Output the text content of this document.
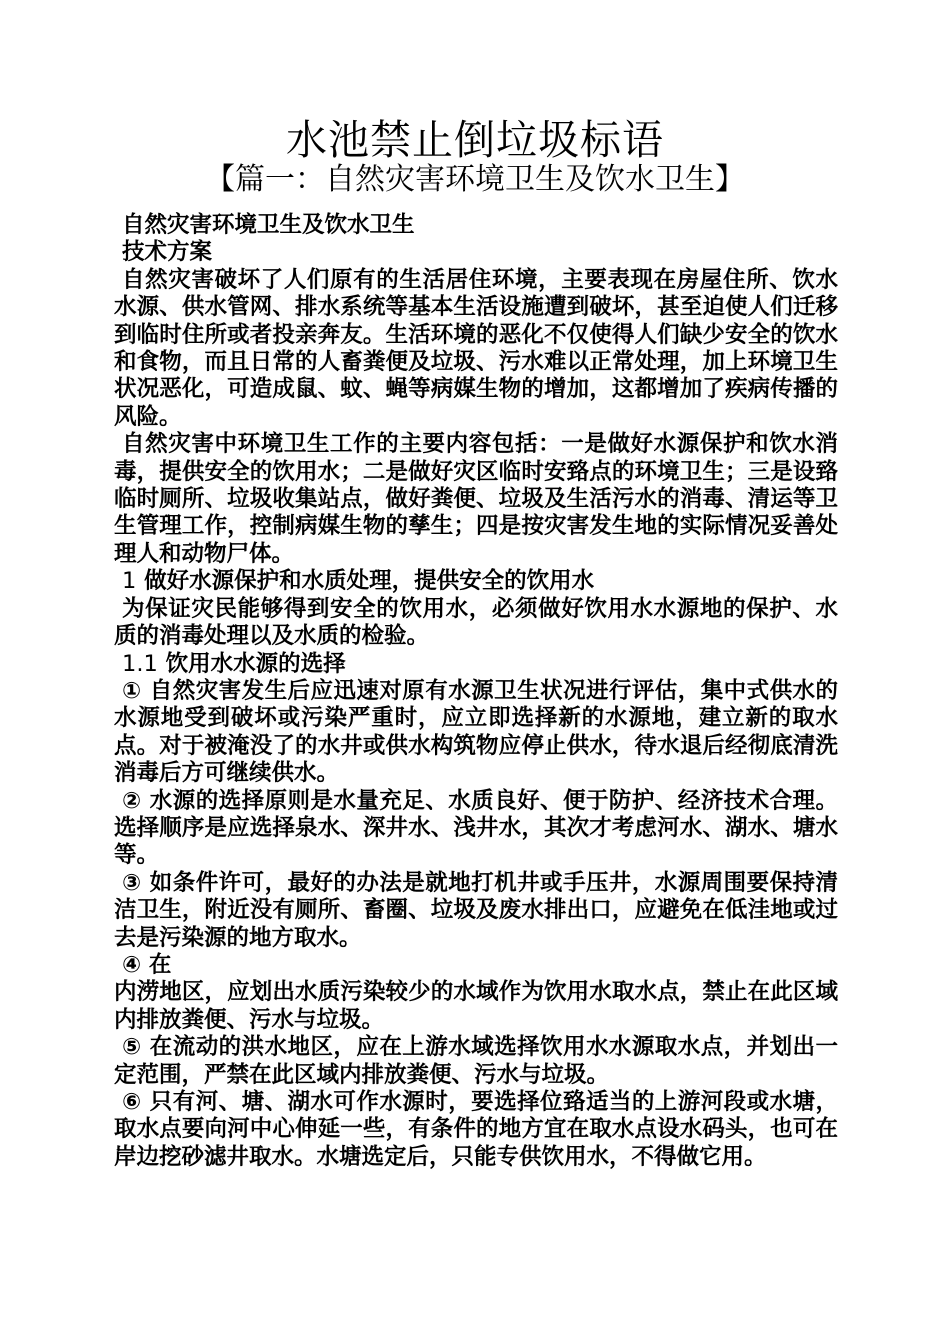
水池禁止倒垃圾标语
【篇一：自然灾害环境卫生及饮水卫生】

自然灾害环境卫生及饮水卫生

技术方案

自然灾害破坏了人们原有的生活居住环境，主要表现在房屋住所、饮水水源、供水管网、排水系统等基本生活设施遭到破坏，甚至迫使人们迁移到临时住所或者投亲奔友。生活环境的恶化不仅使得人们缺少安全的饮水和食物，而且日常的人畜粪便及垃圾、污水难以正常处理，加上环境卫生状况恶化，可造成鼠、蚊、蝇等病媒生物的增加，这都增加了疾病传播的风险。

自然灾害中环境卫生工作的主要内容包括：一是做好水源保护和饮水消毒，提供安全的饮用水；二是做好灾区临时安臵点的环境卫生；三是设臵临时厕所、垃圾收集站点，做好粪便、垃圾及生活污水的消毒、清运等卫生管理工作，控制病媒生物的孳生；四是按灾害发生地的实际情况妥善处理人和动物尸体。

1 做好水源保护和水质处理，提供安全的饮用水

为保证灾民能够得到安全的饮用水，必须做好饮用水水源地的保护、水质的消毒处理以及水质的检验。

1.1 饮用水水源的选择

① 自然灾害发生后应迅速对原有水源卫生状况进行评估，集中式供水的水源地受到破坏或污染严重时，应立即选择新的水源地，建立新的取水点。对于被淹没了的水井或供水构筑物应停止供水，待水退后经彻底清洗消毒后方可继续供水。

② 水源的选择原则是水量充足、水质良好、便于防护、经济技术合理。选择顺序是应选择泉水、深井水、浅井水，其次才考虑河水、湖水、塘水等。

③ 如条件许可，最好的办法是就地打机井或手压井，水源周围要保持清洁卫生，附近没有厕所、畜圈、垃圾及废水排出口，应避免在低洼地或过去是污染源的地方取水。

④ 在

内涝地区，应划出水质污染较少的水域作为饮用水取水点，禁止在此区域内排放粪便、污水与垃圾。

⑤ 在流动的洪水地区，应在上游水域选择饮用水水源取水点，并划出一定范围，严禁在此区域内排放粪便、污水与垃圾。

⑥ 只有河、塘、湖水可作水源时，要选择位臵适当的上游河段或水塘，取水点要向河中心伸延一些，有条件的地方宜在取水点设水码头，也可在岸边挖砂滤井取水。水塘选定后，只能专供饮用水，不得做它用。
